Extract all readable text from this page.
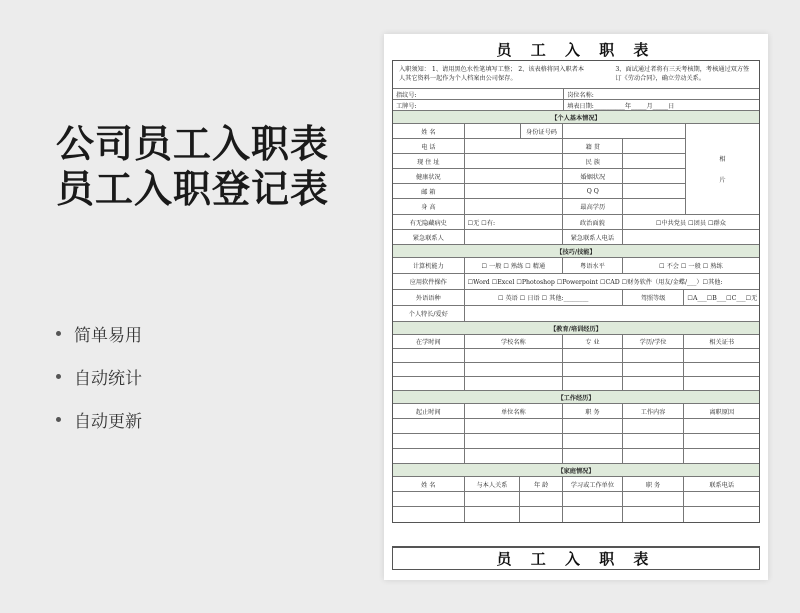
公司员工入职表
员工入职登记表
简单易用
自动统计
自动更新
员 工 入 职 表
入职须知： 1、请用黑色水性笔填写工整； 2、该表格将同入职者本人其它资料一起作为个人档案由公司保存。
3、面试通过者将有三天考核期，考核通过双方签订《劳动合同》，确立劳动关系。
指纹号:	岗位名称:
工牌号:	填表日期:__________年_____月_____日
【个人基本情况】
姓 名	身份证号码
电 话	籍 贯
现 住 址	民 族
健康状况	婚姻状况
邮 箱	Q Q
身 高	最高学历
相
片
有无隐藏病史	☐无 ☐有:	政治面貌	☐中共党员 ☐团员 ☐群众
紧急联系人	紧急联系人电话
【技巧/技能】
计算机能力	☐ 一般 ☐ 熟练 ☐ 精通	粤语水平	☐ 不会 ☐ 一般 ☐ 熟练
应用软件操作	☐Word ☐Excel ☐Photoshop ☐Powerpoint ☐CAD ☐财务软件（用友/金蝶/___）☐其他:
外语语种	☐ 英语 ☐ 日语 ☐ 其他:________	驾照等级	☐A___☐B___☐C___☐无
个人特长/爱好
【教育/培训经历】
在学时间	学校名称	专 业	学历/学位	相关证书
【工作经历】
起止时间	单位名称	职 务	工作内容	离职原因
【家庭情况】
姓 名	与本人关系	年 龄	学习或工作单位	职 务	联系电话
员 工 入 职 表
